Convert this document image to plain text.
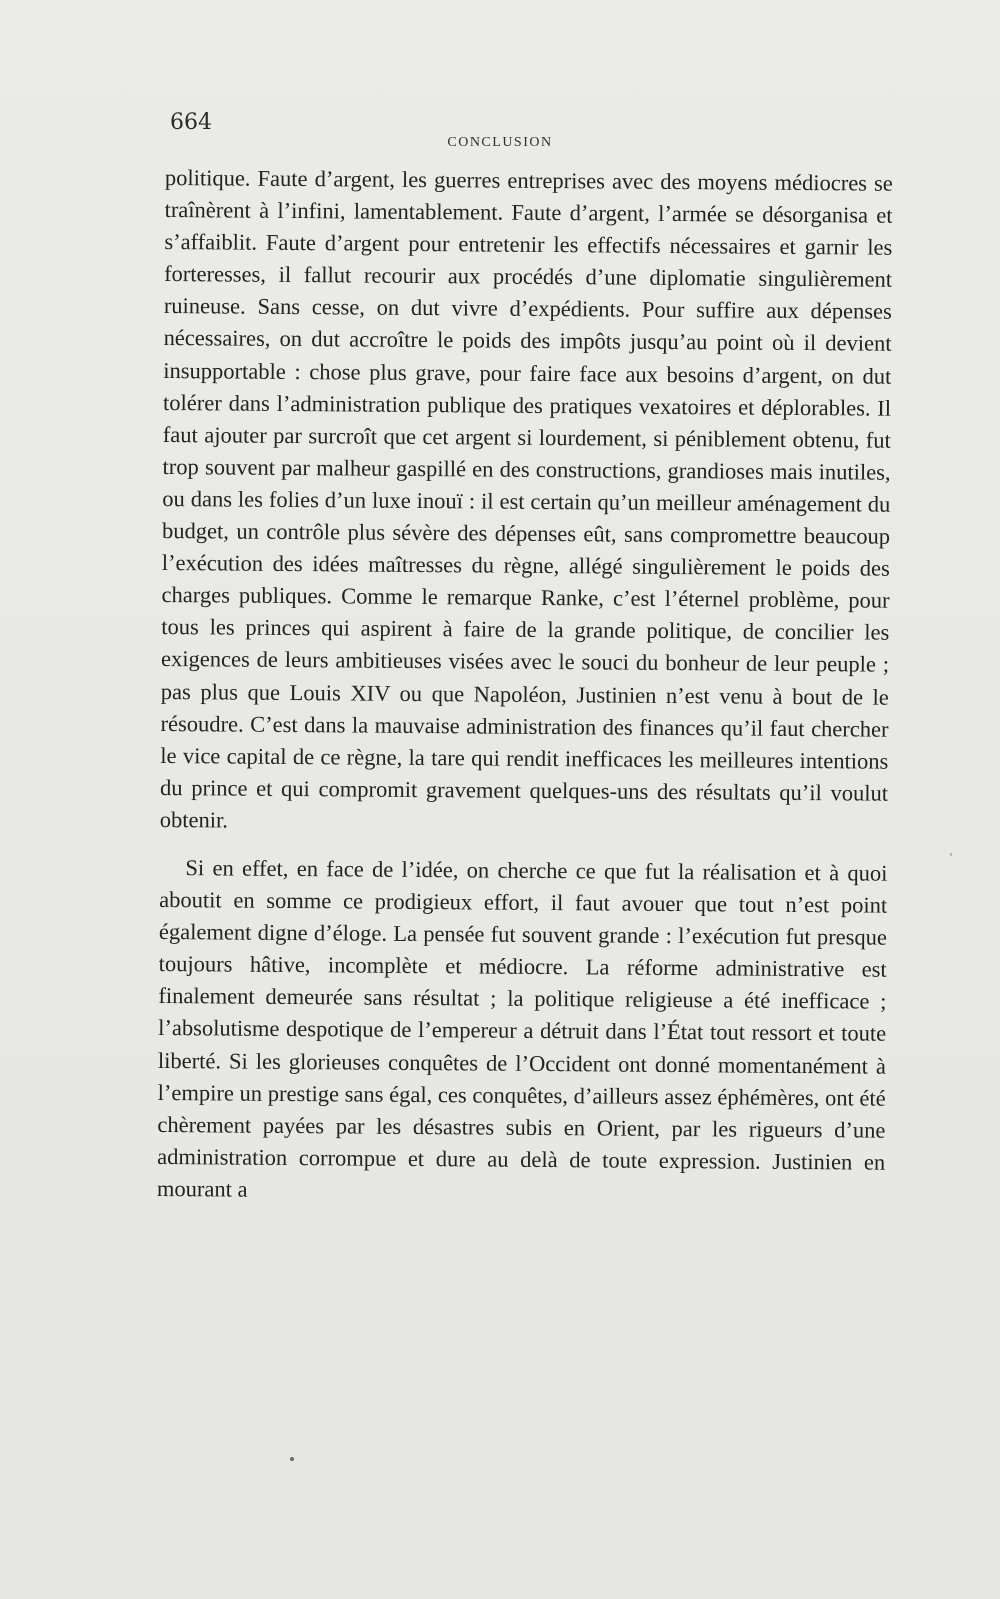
664
CONCLUSION

politique. Faute d’argent, les guerres entreprises avec des moyens médiocres se traînèrent à l’infini, lamentablement. Faute d’argent, l’armée se désorganisa et s’affaiblit. Faute d’argent pour entretenir les effectifs nécessaires et garnir les forteresses, il fallut recourir aux procédés d’une diplomatie singulièrement ruineuse. Sans cesse, on dut vivre d’expédients. Pour suffire aux dépenses nécessaires, on dut accroître le poids des impôts jusqu’au point où il devient insupportable : chose plus grave, pour faire face aux besoins d’argent, on dut tolérer dans l’administration publique des pratiques vexatoires et déplorables. Il faut ajouter par surcroît que cet argent si lourdement, si péniblement obtenu, fut trop souvent par malheur gaspillé en des constructions, grandioses mais inutiles, ou dans les folies d’un luxe inouï : il est certain qu’un meilleur aménagement du budget, un contrôle plus sévère des dépenses eût, sans compromettre beaucoup l’exécution des idées maîtresses du règne, allégé singulièrement le poids des charges publiques. Comme le remarque Ranke, c’est l’éternel problème, pour tous les princes qui aspirent à faire de la grande politique, de concilier les exigences de leurs ambitieuses visées avec le souci du bonheur de leur peuple ; pas plus que Louis XIV ou que Napoléon, Justinien n’est venu à bout de le résoudre. C’est dans la mauvaise administration des finances qu’il faut chercher le vice capital de ce règne, la tare qui rendit inefficaces les meilleures intentions du prince et qui compromit gravement quelques-uns des résultats qu’il voulut obtenir.

Si en effet, en face de l’idée, on cherche ce que fut la réalisation et à quoi aboutit en somme ce prodigieux effort, il faut avouer que tout n’est point également digne d’éloge. La pensée fut souvent grande : l’exécution fut presque toujours hâtive, incomplète et médiocre. La réforme administrative est finalement demeurée sans résultat ; la politique religieuse a été inefficace ; l’absolutisme despotique de l’empereur a détruit dans l’État tout ressort et toute liberté. Si les glorieuses conquêtes de l’Occident ont donné momentanément à l’empire un prestige sans égal, ces conquêtes, d’ailleurs assez éphémères, ont été chèrement payées par les désastres subis en Orient, par les rigueurs d’une administration corrompue et dure au delà de toute expression. Justinien en mourant a
